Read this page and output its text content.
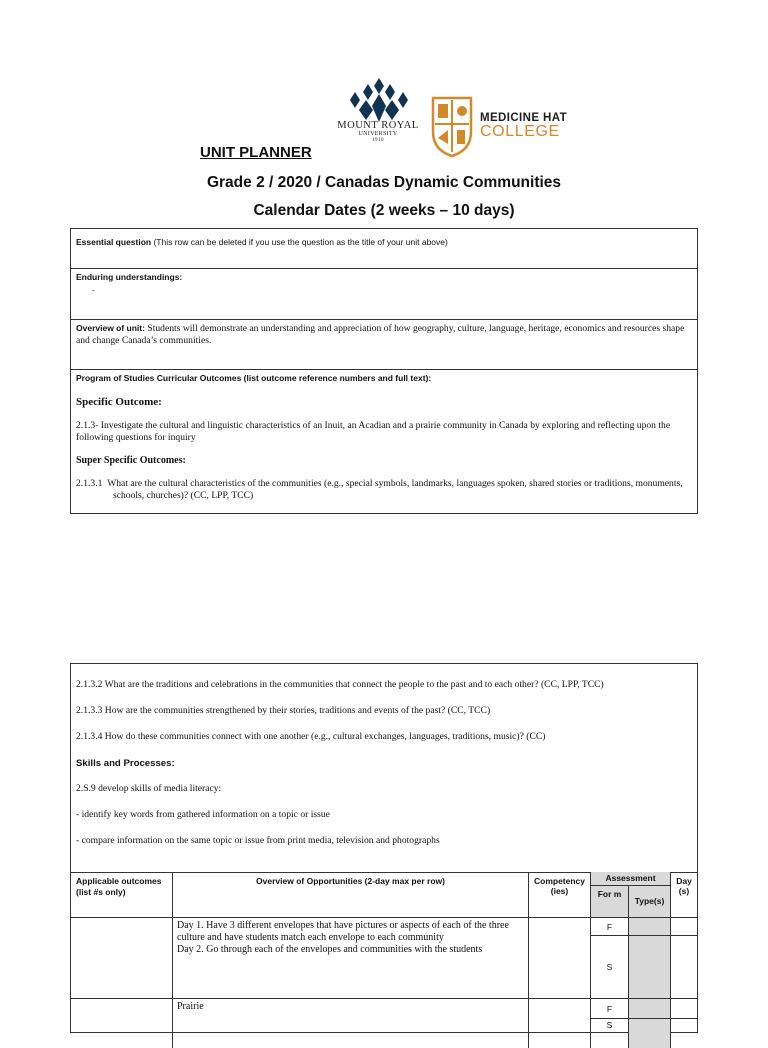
MOUNT ROYAL
UNIVERSITY
1910
MEDICINE HAT
COLLEGE
UNIT PLANNER
Grade 2 / 2020 / Canadas Dynamic Communities
Calendar Dates (2 weeks – 10 days)
Essential question (This row can be deleted if you use the question as the title of your unit above)
Enduring understandings:
-
Overview of unit: Students will demonstrate an understanding and appreciation of how geography, culture, language, heritage, economics and resources shape and change Canada’s communities.
Program of Studies Curricular Outcomes (list outcome reference numbers and full text):
Specific Outcome:
2.1.3- Investigate the cultural and linguistic characteristics of an Inuit, an Acadian and a prairie community in Canada by exploring and reflecting upon the following questions for inquiry
Super Specific Outcomes:
2.1.3.1 What are the cultural characteristics of the communities (e.g., special symbols, landmarks, languages spoken, shared stories or traditions, monuments, schools, churches)? (CC, LPP, TCC)
2.1.3.2 What are the traditions and celebrations in the communities that connect the people to the past and to each other? (CC, LPP, TCC)
2.1.3.3 How are the communities strengthened by their stories, traditions and events of the past? (CC, TCC)
2.1.3.4 How do these communities connect with one another (e.g., cultural exchanges, languages, traditions, music)? (CC)
Skills and Processes:
2.S.9 develop skills of media literacy:
- identify key words from gathered information on a topic or issue
- compare information on the same topic or issue from print media, television and photographs
Applicable outcomes (list #s only)
Overview of Opportunities (2-day max per row)	Competency (ies)
Assessment
For m
Type(s)
Day (s)
Day 1. Have 3 different envelopes that have pictures or aspects of each of the three culture and have students match each envelope to each community
Day 2. Go through each of the envelopes and communities with the students
F
S
Prairie	F
S
